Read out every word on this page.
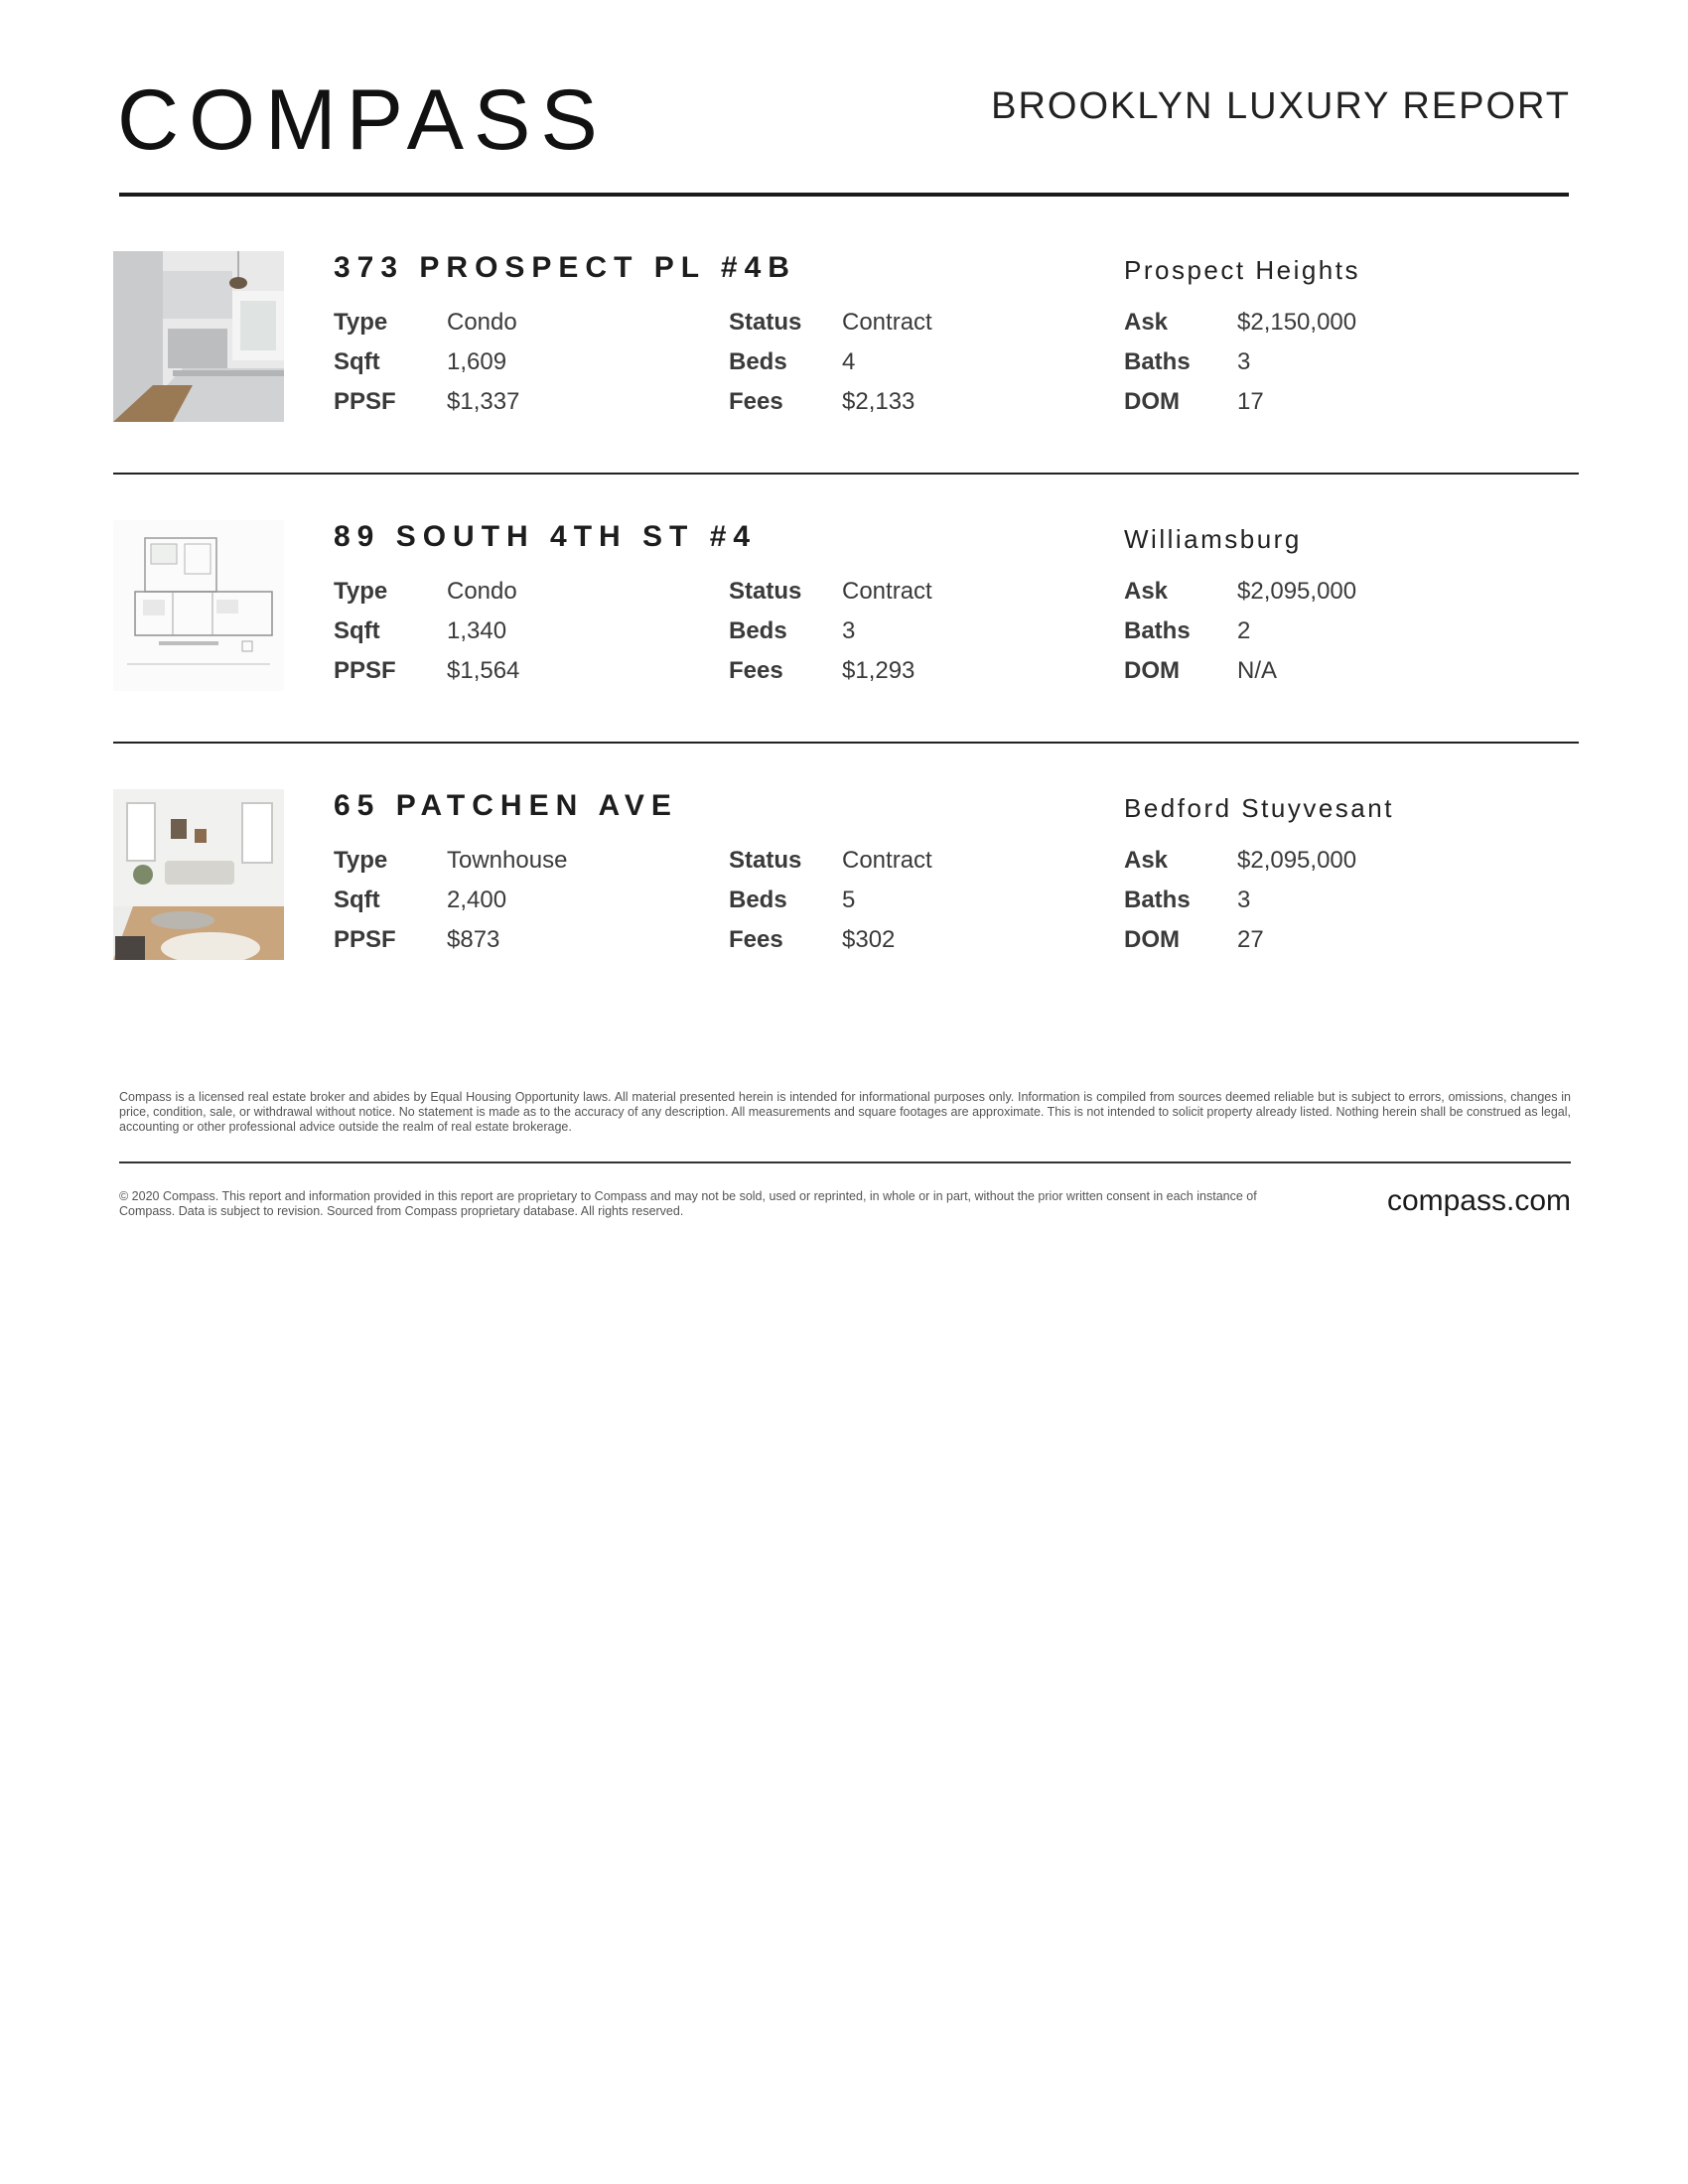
COMPASS	BROOKLYN LUXURY REPORT
373 PROSPECT PL #4B	Prospect Heights
Type	Condo
Sqft	1,609
PPSF	$1,337
Status	Contract
Beds	4
Fees	$2,133
Ask	$2,150,000
Baths	3
DOM	17
89 SOUTH 4TH ST #4	Williamsburg
Type	Condo
Sqft	1,340
PPSF	$1,564
Status	Contract
Beds	3
Fees	$1,293
Ask	$2,095,000
Baths	2
DOM	N/A
65 PATCHEN AVE	Bedford Stuyvesant
Type	Townhouse
Sqft	2,400
PPSF	$873
Status	Contract
Beds	5
Fees	$302
Ask	$2,095,000
Baths	3
DOM	27
Compass is a licensed real estate broker and abides by Equal Housing Opportunity laws. All material presented herein is intended for informational purposes only. Information is compiled from sources deemed reliable but is subject to errors, omissions, changes in price, condition, sale, or withdrawal without notice. No statement is made as to the accuracy of any description. All measurements and square footages are approximate. This is not intended to solicit property already listed. Nothing herein shall be construed as legal, accounting or other professional advice outside the realm of real estate brokerage.
© 2020 Compass. This report and information provided in this report are proprietary to Compass and may not be sold, used or reprinted, in whole or in part, without the prior written consent in each instance of Compass. Data is subject to revision. Sourced from Compass proprietary database. All rights reserved.	compass.com
